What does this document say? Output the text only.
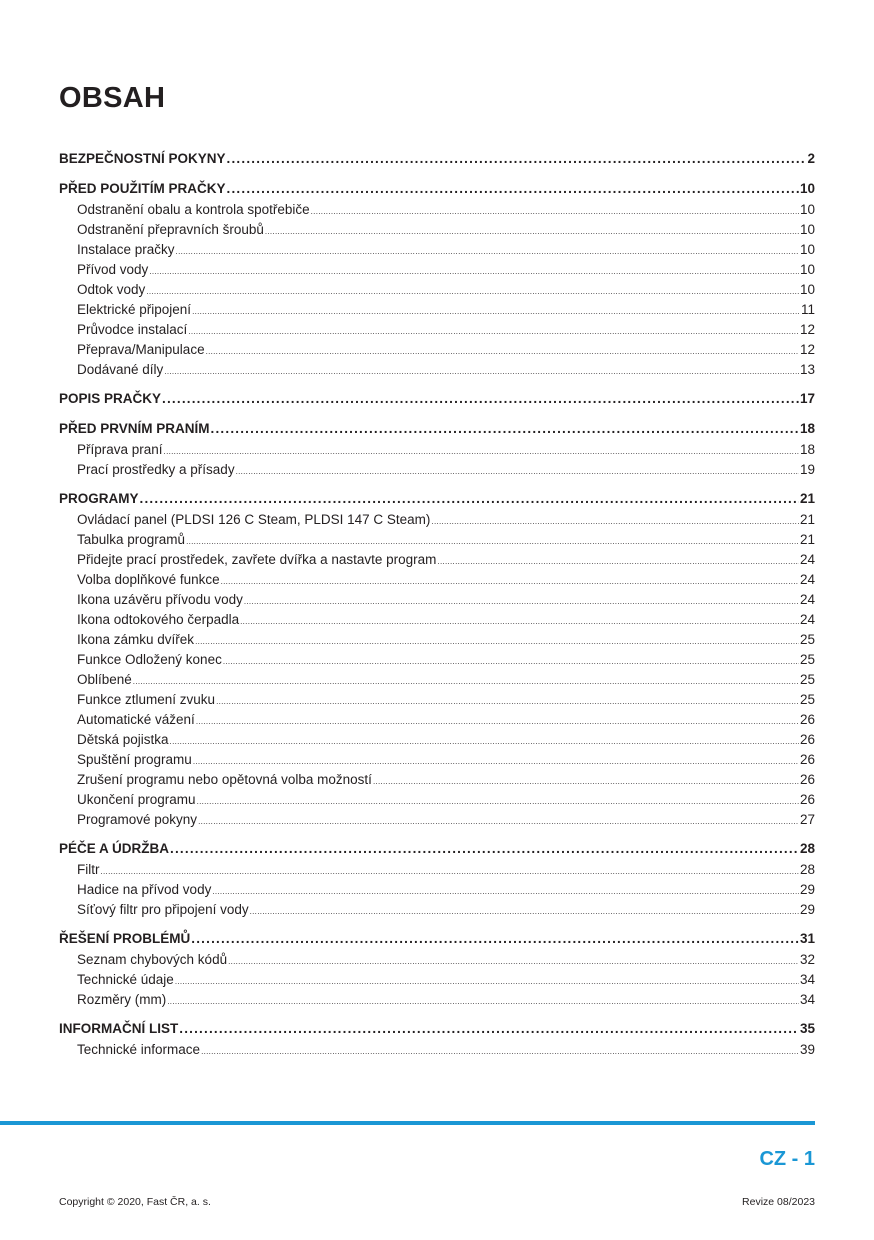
OBSAH
BEZPEČNOSTNÍ POKYNY .....	2
PŘED POUŽITÍM PRAČKY .....	10
Odstranění obalu a kontrola spotřebiče .....	10
Odstranění přepravních šroubů .....	10
Instalace pračky .....	10
Přívod vody .....	10
Odtok vody .....	10
Elektrické připojení .....	11
Průvodce instalací .....	12
Přeprava/Manipulace .....	12
Dodávané díly .....	13
POPIS PRAČKY .....	17
PŘED PRVNÍM PRANÍM .....	18
Příprava praní .....	18
Prací prostředky a přísady .....	19
PROGRAMY .....	21
Ovládací panel (PLDSI 126 C Steam, PLDSI 147 C Steam) .....	21
Tabulka programů .....	21
Přidejte prací prostředek, zavřete dvířka a nastavte program .....	24
Volba doplňkové funkce .....	24
Ikona uzávěru přívodu vody .....	24
Ikona odtokového čerpadla .....	24
Ikona zámku dvířek .....	25
Funkce Odložený konec .....	25
Oblíbené .....	25
Funkce ztlumení zvuku .....	25
Automatické vážení .....	26
Dětská pojistka .....	26
Spuštění programu .....	26
Zrušení programu nebo opětovná volba možností .....	26
Ukončení programu .....	26
Programové pokyny .....	27
PÉČE A ÚDRŽBA .....	28
Filtr .....	28
Hadice na přívod vody .....	29
Síťový filtr pro připojení vody .....	29
ŘEŠENÍ PROBLÉMŮ .....	31
Seznam chybových kódů .....	32
Technické údaje .....	34
Rozměry (mm) .....	34
INFORMAČNÍ LIST .....	35
Technické informace .....	39
CZ - 1
Copyright © 2020, Fast ČR, a. s.	Revize 08/2023
